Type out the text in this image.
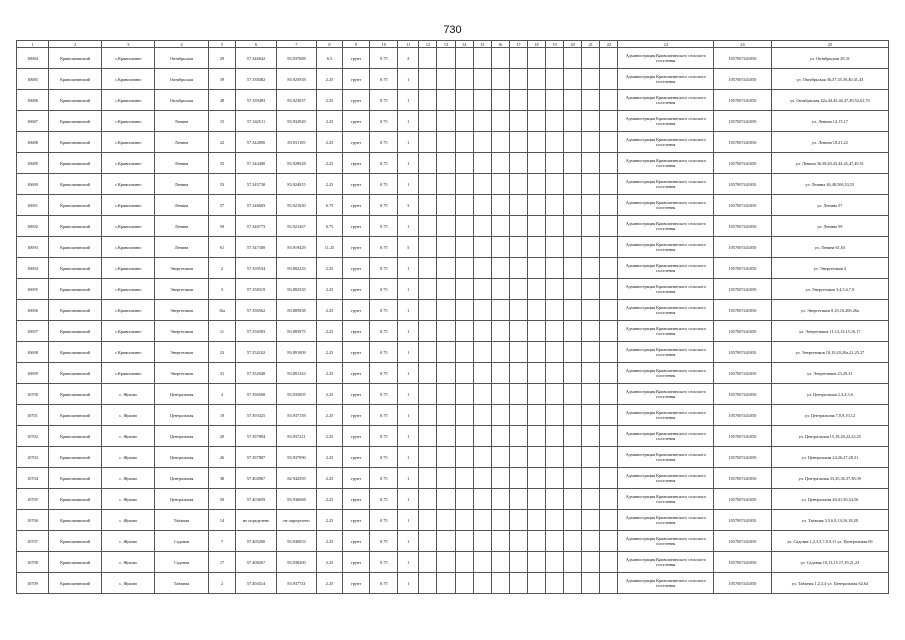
730
1	2	3	4	5	6	7	8	9	10	11	12	13	14	15	16	17	18	19	20	21	22	23	24	25
10684	Кривошеинский	с.Кривошеино	Октябрьская	29	57.346642	83.937688	6.5	грунт	0.75	2												Администрация Кривошеинского сельского поселения	1057007441050	ул. Октябрьская 29,31
10685	Кривошеинский	с.Кривошеино	Октябрьская	39	57.338482	83.925938	2.25	грунт	0.75	1												Администрация Кривошеинского сельского поселения	1057007441050	ул. Октябрьская 36,37,35,39,40,41,43
10686	Кривошеинский	с.Кривошеино	Октябрьская	48	57.339483	83.923037	2.25	грунт	0.75	1												Администрация Кривошеинского сельского поселения	1057007441050	ул. Октябрьская 42а,44,45,46,47,49,52,61,70
10687	Кривошеинский	с.Кривошеино	Ленина	15	57.342511	83.932929	2.25	грунт	0.75	1												Администрация Кривошеинского сельского поселения	1057007441050	ул. Ленина 12,15,17
10688	Кривошеинский	с.Кривошеино	Ленина	22	57.342800	83.931105	2.25	грунт	0.75	1												Администрация Кривошеинского сельского поселения	1057007441050	ул. Ленина 18,21,22
10689	Кривошеинский	с.Кривошеино	Ленина	35	57.344400	83.928928	2.25	грунт	0.75	1												Администрация Кривошеинского сельского поселения	1057007441050	ул. Ленина 36,38,40,43,44,45,47,49,51
10690	Кривошеинский	с.Кривошеино	Ленина	53	57.345730	83.924915	2.25	грунт	0.75	1												Администрация Кривошеинского сельского поселения	1057007441050	ул. Ленина 46,48,50б,53,55
10691	Кривошеинский	с.Кривошеино	Ленина	57	57.346683	83.921630	6.75	грунт	0.75	3												Администрация Кривошеинского сельского поселения	1057007441050	ул. Ленина 57
10692	Кривошеинский	с.Кривошеино	Ленина	59	57.346773	83.921267	6.75	грунт	0.75	1												Администрация Кривошеинского сельского поселения	1057007441050	ул. Ленина 59
10693	Кривошеинский	с.Кривошеино	Ленина	61	57.347300	83.919429	11.25	грунт	0.75	5												Администрация Кривошеинского сельского поселения	1057007441050	ул. Ленина 61,63
10694	Кривошеинский	с.Кривошеино	Энергетиков	2	57.359534	83.882233	2.25	грунт	0.75	1												Администрация Кривошеинского сельского поселения	1057007441050	ул. Энергетиков 2
10695	Кривошеинский	с.Кривошеино	Энергетиков	3	57.358319	83.882535	2.25	грунт	0.75	1												Администрация Кривошеинского сельского поселения	1057007441050	ул. Энергетиков 3,4,5,6,7,9
10696	Кривошеинский	с.Кривошеино	Энергетиков	16а	57.356562	83.885838	2.25	грунт	0.75	1												Администрация Кривошеинского сельского поселения	1057007441050	ул. Энергетиков 8,10,16,20б,26а
10697	Кривошеинский	с.Кривошеино	Энергетиков	11	57.356583	83.883975	2.25	грунт	0.75	1												Администрация Кривошеинского сельского поселения	1057007441050	ул. Энергетиков 11,12,13,15,16,17
10698	Кривошеинский	с.Кривошеино	Энергетиков	23	57.352102	83.891009	2.25	грунт	0.75	1												Администрация Кривошеинского сельского поселения	1057007441050	ул. Энергетиков 18,19,20,20а,21,25,27
10699	Кривошеинский	с.Кривошеино	Энергетиков	31	57.352948	83.891343	2.25	грунт	0.75	1												Администрация Кривошеинского сельского поселения	1057007441050	ул. Энергетиков 23,29,31
10700	Кривошеинский	с. Жуково	Центральная	4	57.396568	83.935005	2.25	грунт	0.75	1												Администрация Кривошеинского сельского поселения	1057007441050	ул. Центральная 2,3,4,5,6
10701	Кривошеинский	с. Жуково	Центральная	10	57.393325	83.937158	2.25	грунт	0.75	1												Администрация Кривошеинского сельского поселения	1057007441050	ул. Центральная 7,8,9,10,12
10702	Кривошеинский	с. Жуково	Центральная	20	57.397894	83.937221	2.25	грунт	0.75	1												Администрация Кривошеинского сельского поселения	1057007441050	ул. Центральная 15,18,20,22,23,25
10703	Кривошеинский	с. Жуково	Центральная	26	57.397887	83.937090	2.25	грунт	0.75	1												Администрация Кривошеинского сельского поселения	1057007441050	ул. Центральная 24,26,27,28,31
10704	Кривошеинский	с. Жуково	Центральная	38	57.404967	82.942595	2.25	грунт	0.75	1												Администрация Кривошеинского сельского поселения	1057007441050	ул. Центральная 33,35,36,37,38,39
10705	Кривошеинский	с. Жуково	Центральная	50	57.403659	83.936068	2.25	грунт	0.75	1												Администрация Кривошеинского сельского поселения	1057007441050	ул. Центральная 40,41,50,34,56
10706	Кривошеинский	с. Жуково	Таёжная	14	не определено	не определено	2.25	грунт	0.75	1												Администрация Кривошеинского сельского поселения	1057007441050	ул. Таёжная 3,5,6,8,14,16,18,20
10707	Кривошеинский	с. Жуково	Садовая	7	57.405200	83.940053	2.25	грунт	0.75	1												Администрация Кривошеинского сельского поселения	1057007441050	ул. Садовая 1,2,3,5,7,8,9,11 ул. Центральная 69
10708	Кривошеинский	с. Жуково	Садовая	17	57.408267	83.938200	2.25	грунт	0.75	1												Администрация Кривошеинского сельского поселения	1057007441050	ул. Садовая 10,13,15,17,19,21,23
10709	Кривошеинский	с. Жуково	Таёжная	2	57.404314	83.937741	2.25	грунт	0.75	1												Администрация Кривошеинского сельского поселения	1057007441050	ул. Таёжная 1,2,3,4 ул. Центральная 62,64
